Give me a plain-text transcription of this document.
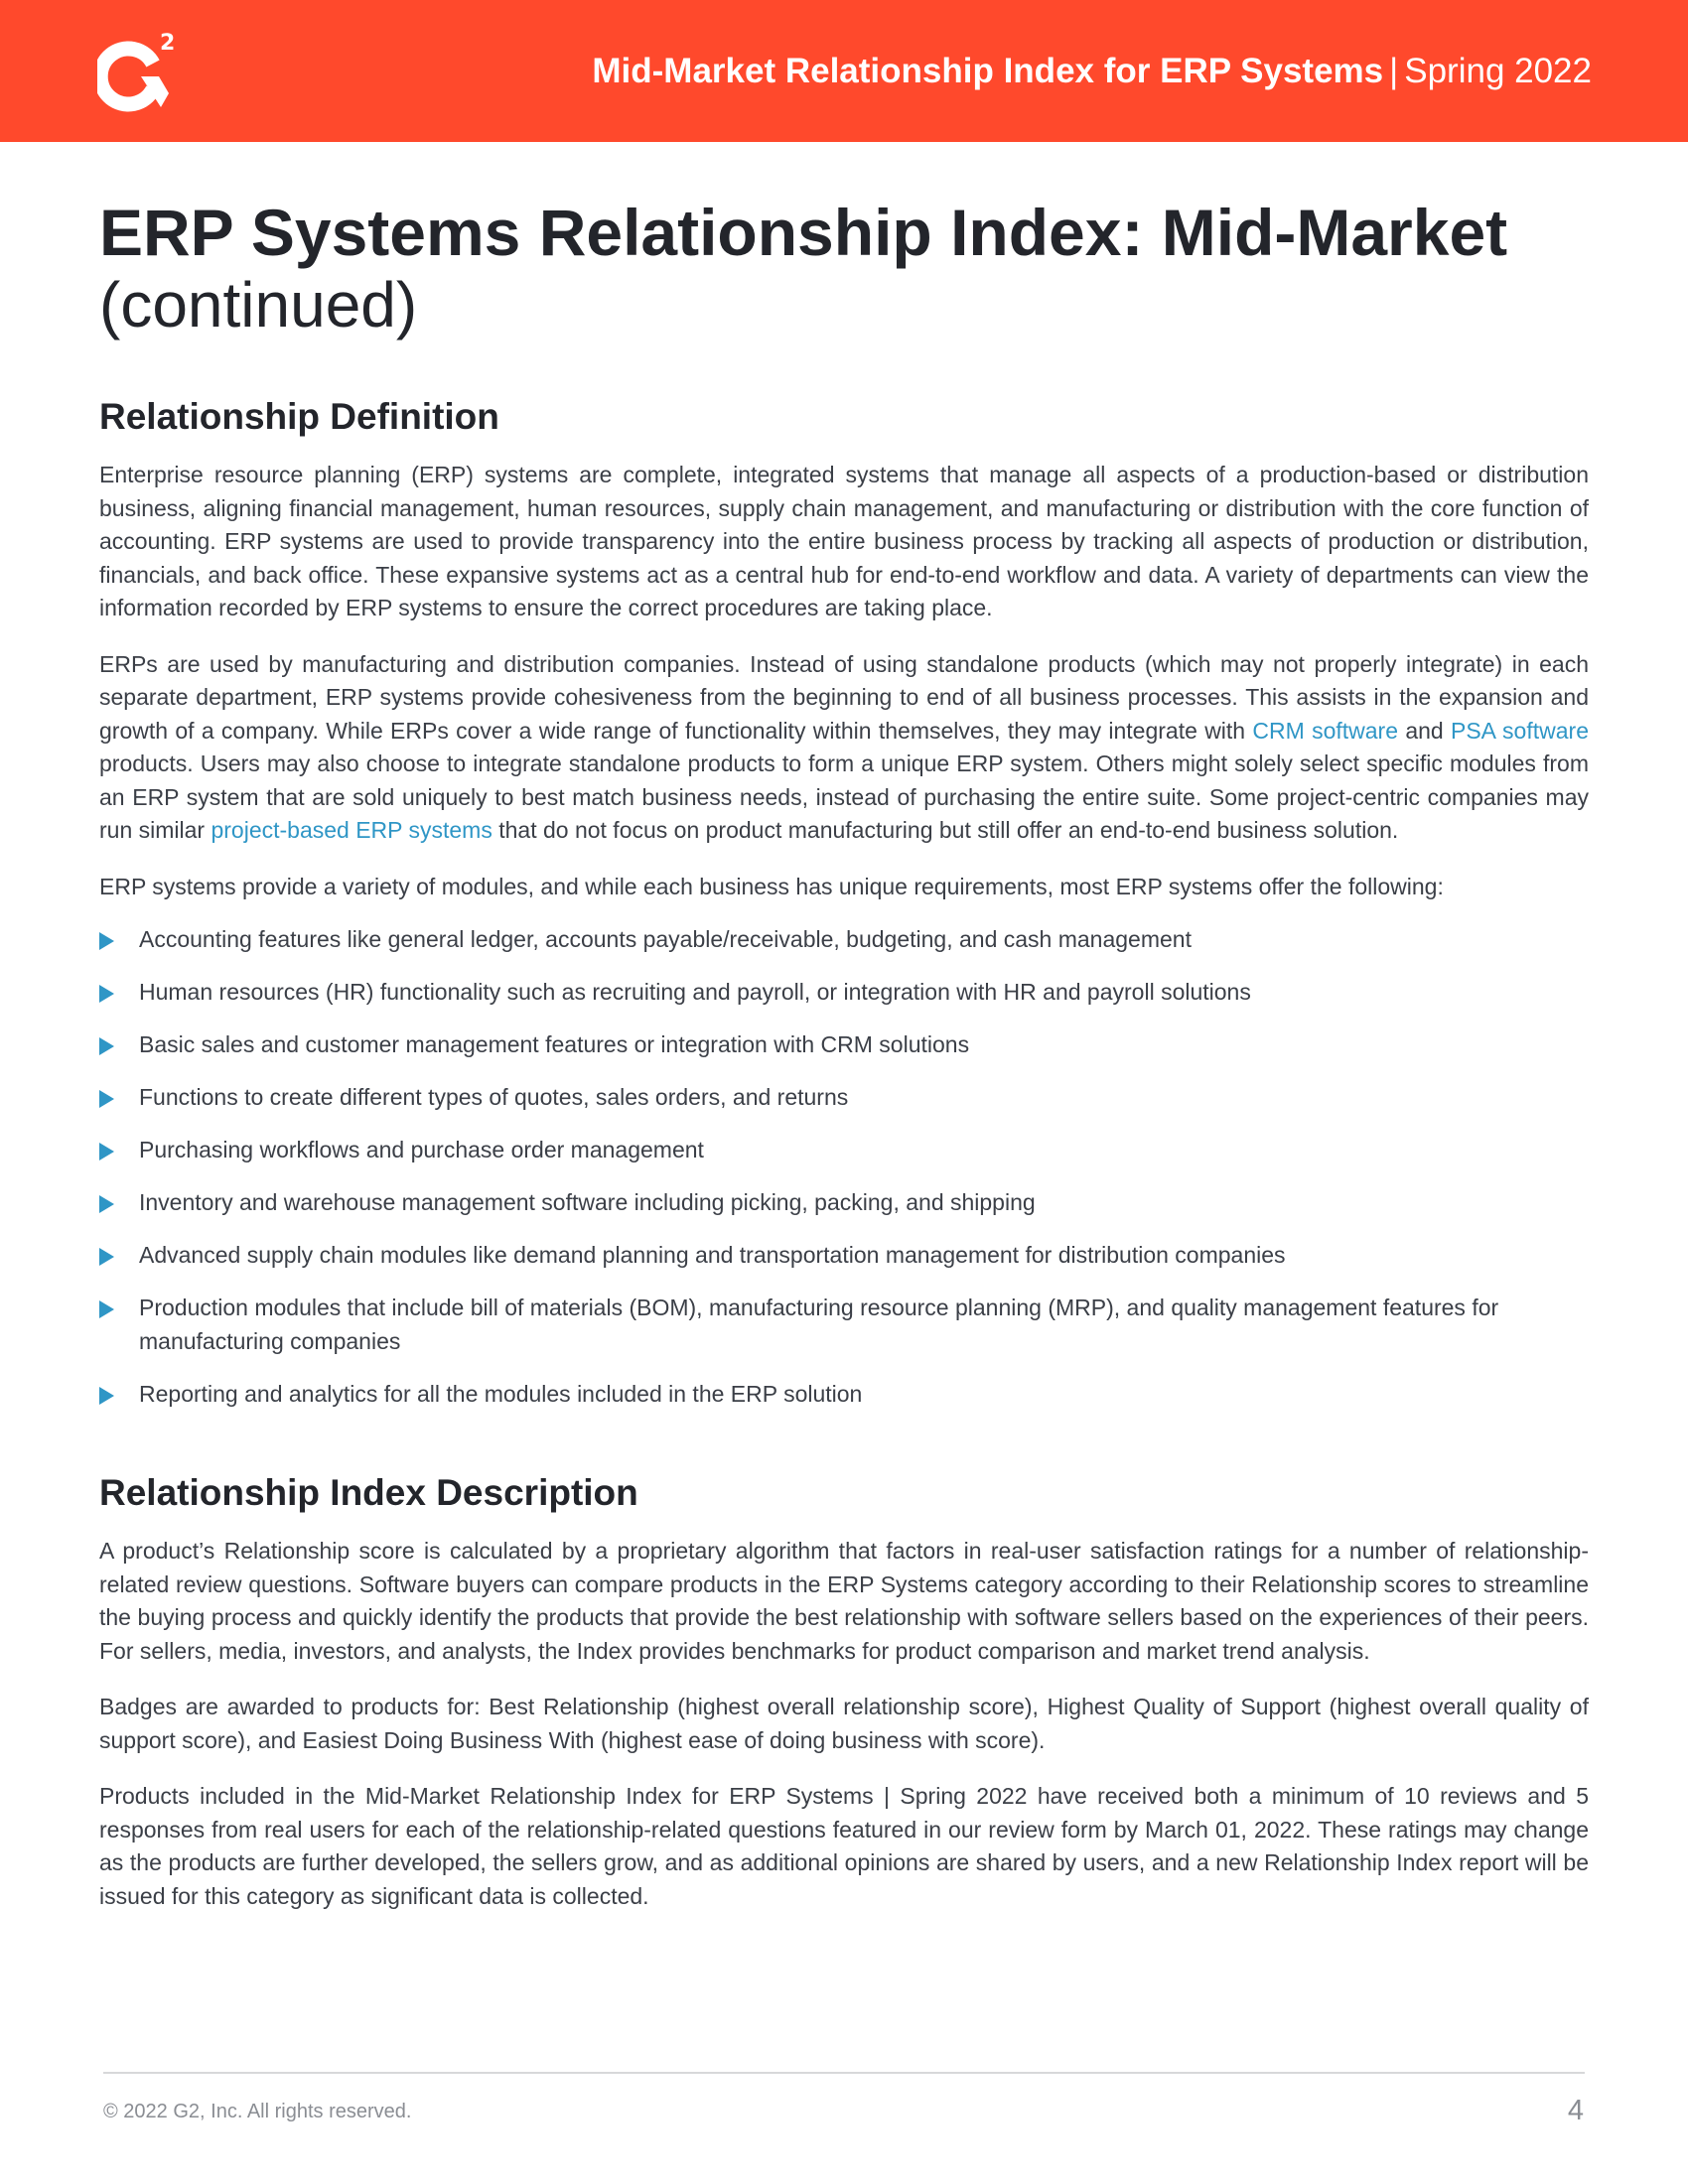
2
Mid-Market Relationship Index for ERP Systems | Spring 2022
ERP Systems Relationship Index: Mid-Market
(continued)
Relationship Definition

Enterprise resource planning (ERP) systems are complete, integrated systems that manage all aspects of a production-based or distribution business, aligning financial management, human resources, supply chain management, and manufacturing or distribution with the core function of accounting. ERP systems are used to provide transparency into the entire business process by tracking all aspects of production or distribution, financials, and back office. These expansive systems act as a central hub for end-to-end workflow and data. A variety of departments can view the information recorded by ERP systems to ensure the correct procedures are taking place.

ERPs are used by manufacturing and distribution companies. Instead of using standalone products (which may not properly integrate) in each separate department, ERP systems provide cohesiveness from the beginning to end of all business processes. This assists in the expansion and growth of a company. While ERPs cover a wide range of functionality within themselves, they may integrate with CRM software and PSA software products. Users may also choose to integrate standalone products to form a unique ERP system. Others might solely select specific modules from an ERP system that are sold uniquely to best match business needs, instead of purchasing the entire suite. Some project-centric companies may run similar project-based ERP systems that do not focus on product manufacturing but still offer an end-to-end business solution.

ERP systems provide a variety of modules, and while each business has unique requirements, most ERP systems offer the following:

Accounting features like general ledger, accounts payable/receivable, budgeting, and cash management
Human resources (HR) functionality such as recruiting and payroll, or integration with HR and payroll solutions
Basic sales and customer management features or integration with CRM solutions
Functions to create different types of quotes, sales orders, and returns
Purchasing workflows and purchase order management
Inventory and warehouse management software including picking, packing, and shipping
Advanced supply chain modules like demand planning and transportation management for distribution companies
Production modules that include bill of materials (BOM), manufacturing resource planning (MRP), and quality management features for manufacturing companies
Reporting and analytics for all the modules included in the ERP solution
Relationship Index Description

A product’s Relationship score is calculated by a proprietary algorithm that factors in real-user satisfaction ratings for a number of relationship-related review questions. Software buyers can compare products in the ERP Systems category according to their Relationship scores to streamline the buying process and quickly identify the products that provide the best relationship with software sellers based on the experiences of their peers. For sellers, media, investors, and analysts, the Index provides benchmarks for product comparison and market trend analysis.

Badges are awarded to products for: Best Relationship (highest overall relationship score), Highest Quality of Support (highest overall quality of support score), and Easiest Doing Business With (highest ease of doing business with score).

Products included in the Mid-Market Relationship Index for ERP Systems | Spring 2022 have received both a minimum of 10 reviews and 5 responses from real users for each of the relationship-related questions featured in our review form by March 01, 2022. These ratings may change as the products are further developed, the sellers grow, and as additional opinions are shared by users, and a new Relationship Index report will be issued for this category as significant data is collected.

© 2022 G2, Inc. All rights reserved.	4
